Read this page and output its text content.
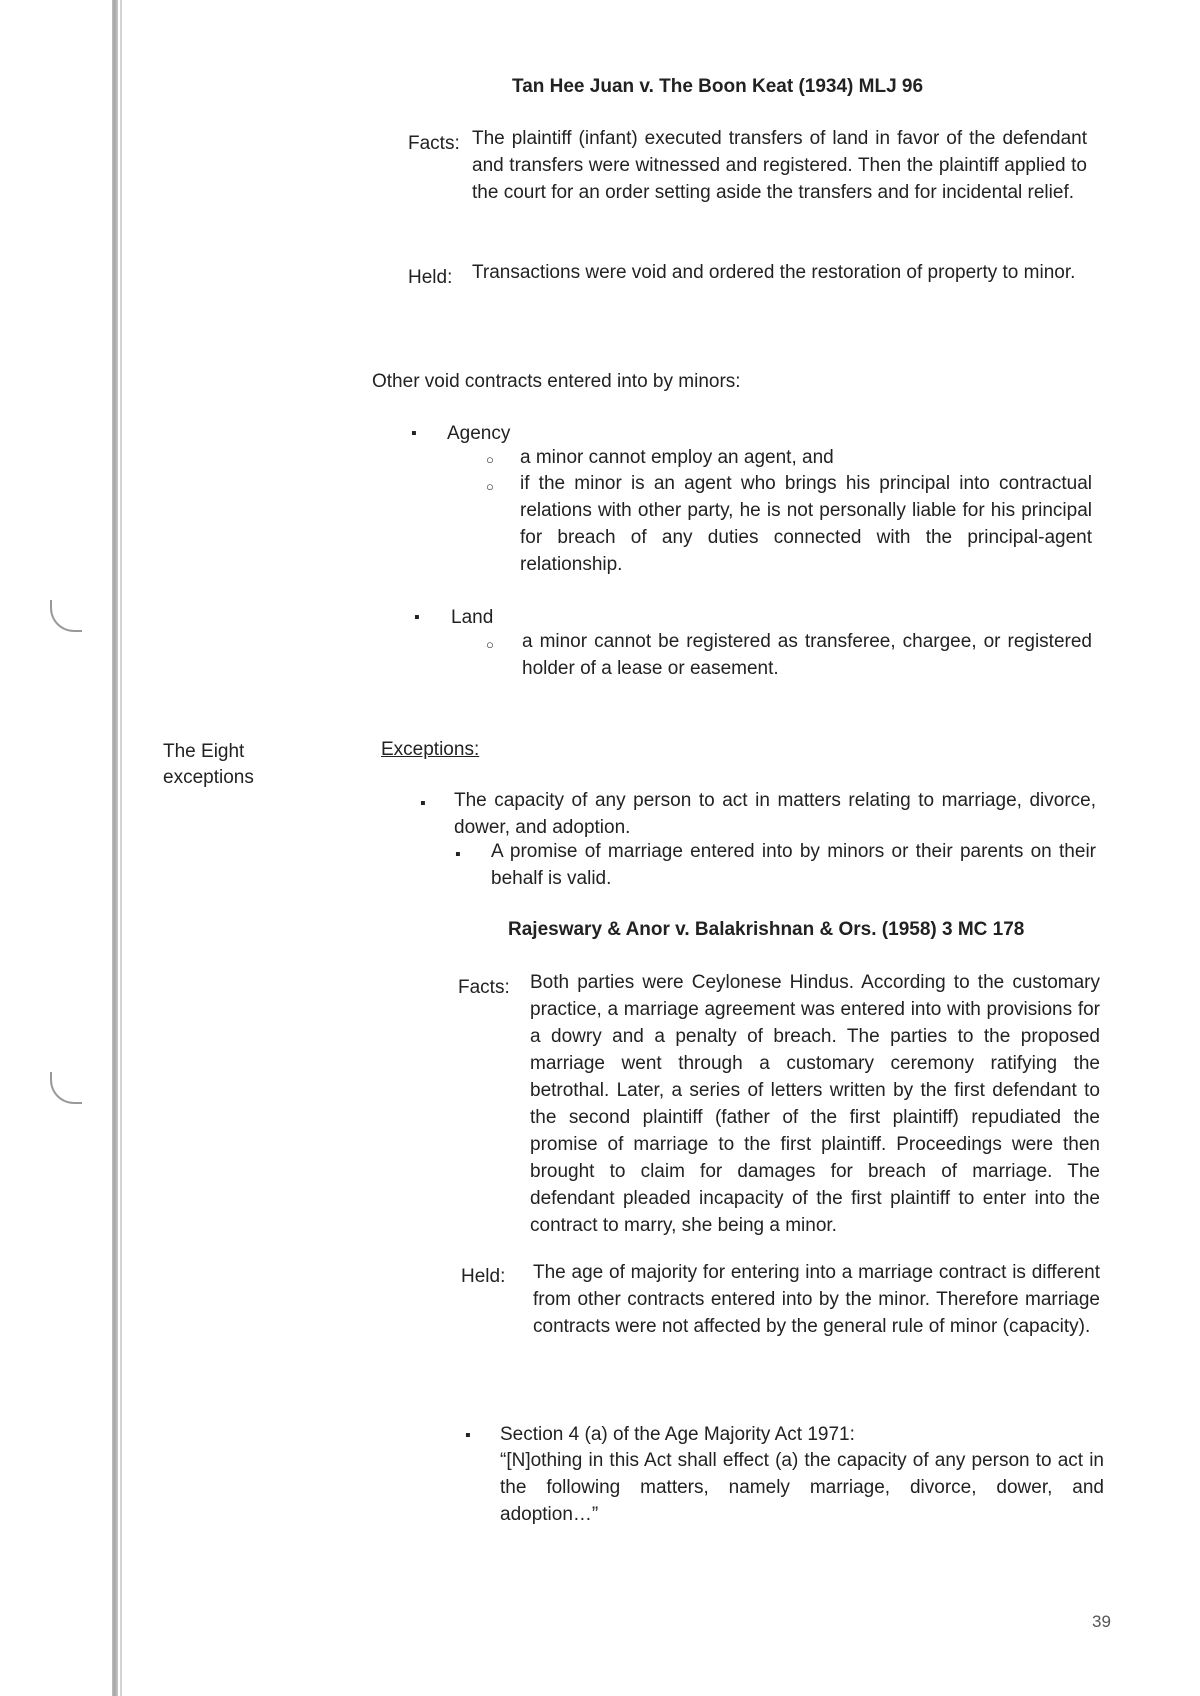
Tan Hee Juan v. The Boon Keat (1934) MLJ 96

Facts: The plaintiff (infant) executed transfers of land in favor of the defendant and transfers were witnessed and registered. Then the plaintiff applied to the court for an order setting aside the transfers and for incidental relief.

Held: Transactions were void and ordered the restoration of property to minor.

Other void contracts entered into by minors:

▪

Agency

○

a minor cannot employ an agent, and

○

if the minor is an agent who brings his principal into contractual relations with other party, he is not personally liable for his principal for breach of any duties connected with the principal-agent relationship.

▪

Land

○

a minor cannot be registered as transferee, chargee, or registered holder of a lease or easement.

The Eight

exceptions

Exceptions:

▪

The capacity of any person to act in matters relating to marriage, divorce, dower, and adoption.

▪

A promise of marriage entered into by minors or their parents on their behalf is valid.

Rajeswary & Anor v. Balakrishnan & Ors. (1958) 3 MC 178

Facts: Both parties were Ceylonese Hindus. According to the customary practice, a marriage agreement was entered into with provisions for a dowry and a penalty of breach. The parties to the proposed marriage went through a customary ceremony ratifying the betrothal. Later, a series of letters written by the first defendant to the second plaintiff (father of the first plaintiff) repudiated the promise of marriage to the first plaintiff. Proceedings were then brought to claim for damages for breach of marriage. The defendant pleaded incapacity of the first plaintiff to enter into the contract to marry, she being a minor.

Held: The age of majority for entering into a marriage contract is different from other contracts entered into by the minor. Therefore marriage contracts were not affected by the general rule of minor (capacity).

▪

Section 4 (a) of the Age Majority Act 1971:

“[N]othing in this Act shall effect (a) the capacity of any person to act in the following matters, namely marriage, divorce, dower, and adoption…”

39
